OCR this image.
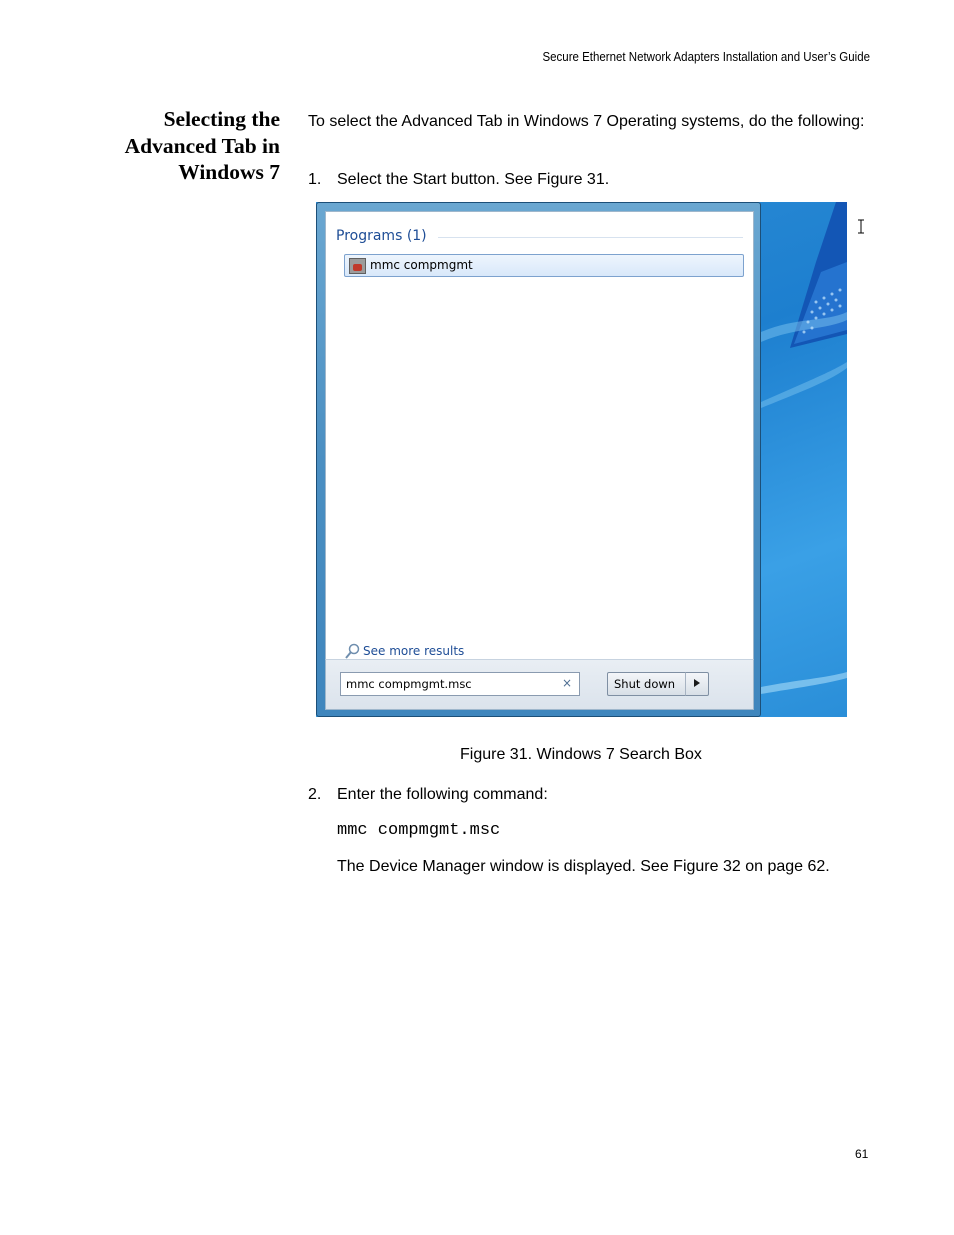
Secure Ethernet Network Adapters Installation and User’s Guide
Selecting the
Advanced Tab in
Windows 7
To select the Advanced Tab in Windows 7 Operating systems, do the following:
1. Select the Start button. See Figure 31.
Programs (1)
mmc compmgmt
See more results
mmc compmgmt.msc	×	Shut down
Figure 31. Windows 7 Search Box
2. Enter the following command:
mmc compmgmt.msc
The Device Manager window is displayed. See Figure 32 on page 62.
61
